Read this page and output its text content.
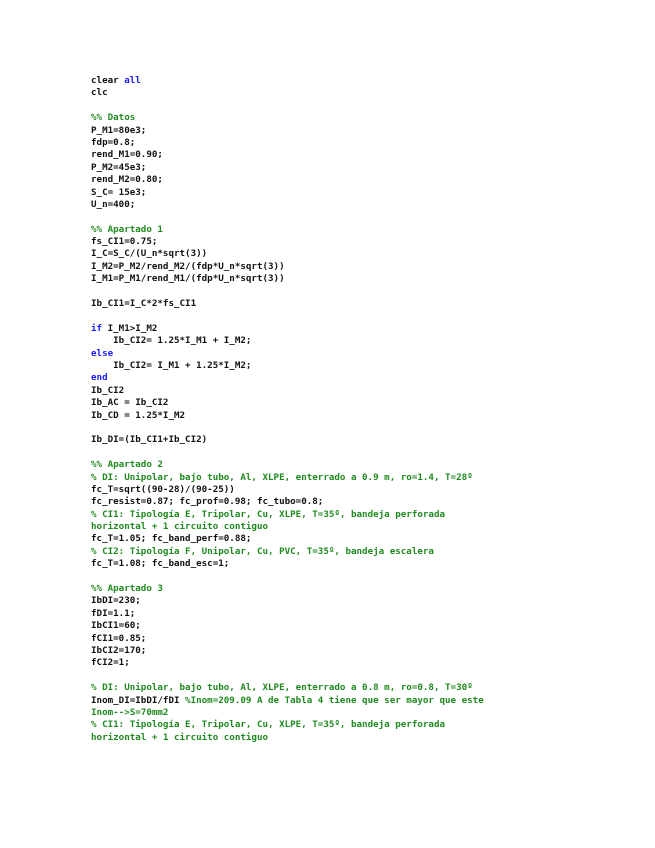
clear all
clc
%% Datos
P_M1=80e3;
fdp=0.8;
rend_M1=0.90;
P_M2=45e3;
rend_M2=0.80;
S_C= 15e3;
U_n=400;
%% Apartado 1
fs_CI1=0.75;
I_C=S_C/(U_n*sqrt(3))
I_M2=P_M2/rend_M2/(fdp*U_n*sqrt(3))
I_M1=P_M1/rend_M1/(fdp*U_n*sqrt(3))
Ib_CI1=I_C*2*fs_CI1
if I_M1>I_M2
Ib_CI2= 1.25*I_M1 + I_M2;
else
Ib_CI2= I_M1 + 1.25*I_M2;
end
Ib_CI2
Ib_AC = Ib_CI2
Ib_CD = 1.25*I_M2
Ib_DI=(Ib_CI1+Ib_CI2)
%% Apartado 2
% DI: Unipolar, bajo tubo, Al, XLPE, enterrado a 0.9 m, ro=1.4, T=28º
fc_T=sqrt((90-28)/(90-25))
fc_resist=0.87; fc_prof=0.98; fc_tubo=0.8;
% CI1: Tipología E, Tripolar, Cu, XLPE, T=35º, bandeja perforada
horizontal + 1 circuito contiguo
fc_T=1.05; fc_band_perf=0.88;
% CI2: Tipología F, Unipolar, Cu, PVC, T=35º, bandeja escalera
fc_T=1.08; fc_band_esc=1;
%% Apartado 3
IbDI=230;
fDI=1.1;
IbCI1=60;
fCI1=0.85;
IbCI2=170;
fCI2=1;
% DI: Unipolar, bajo tubo, Al, XLPE, enterrado a 0.8 m, ro=0.8, T=30º
Inom_DI=IbDI/fDI %Inom=209.09 A de Tabla 4 tiene que ser mayor que este
Inom-->S=70mm2
% CI1: Tipología E, Tripolar, Cu, XLPE, T=35º, bandeja perforada
horizontal + 1 circuito contiguo
